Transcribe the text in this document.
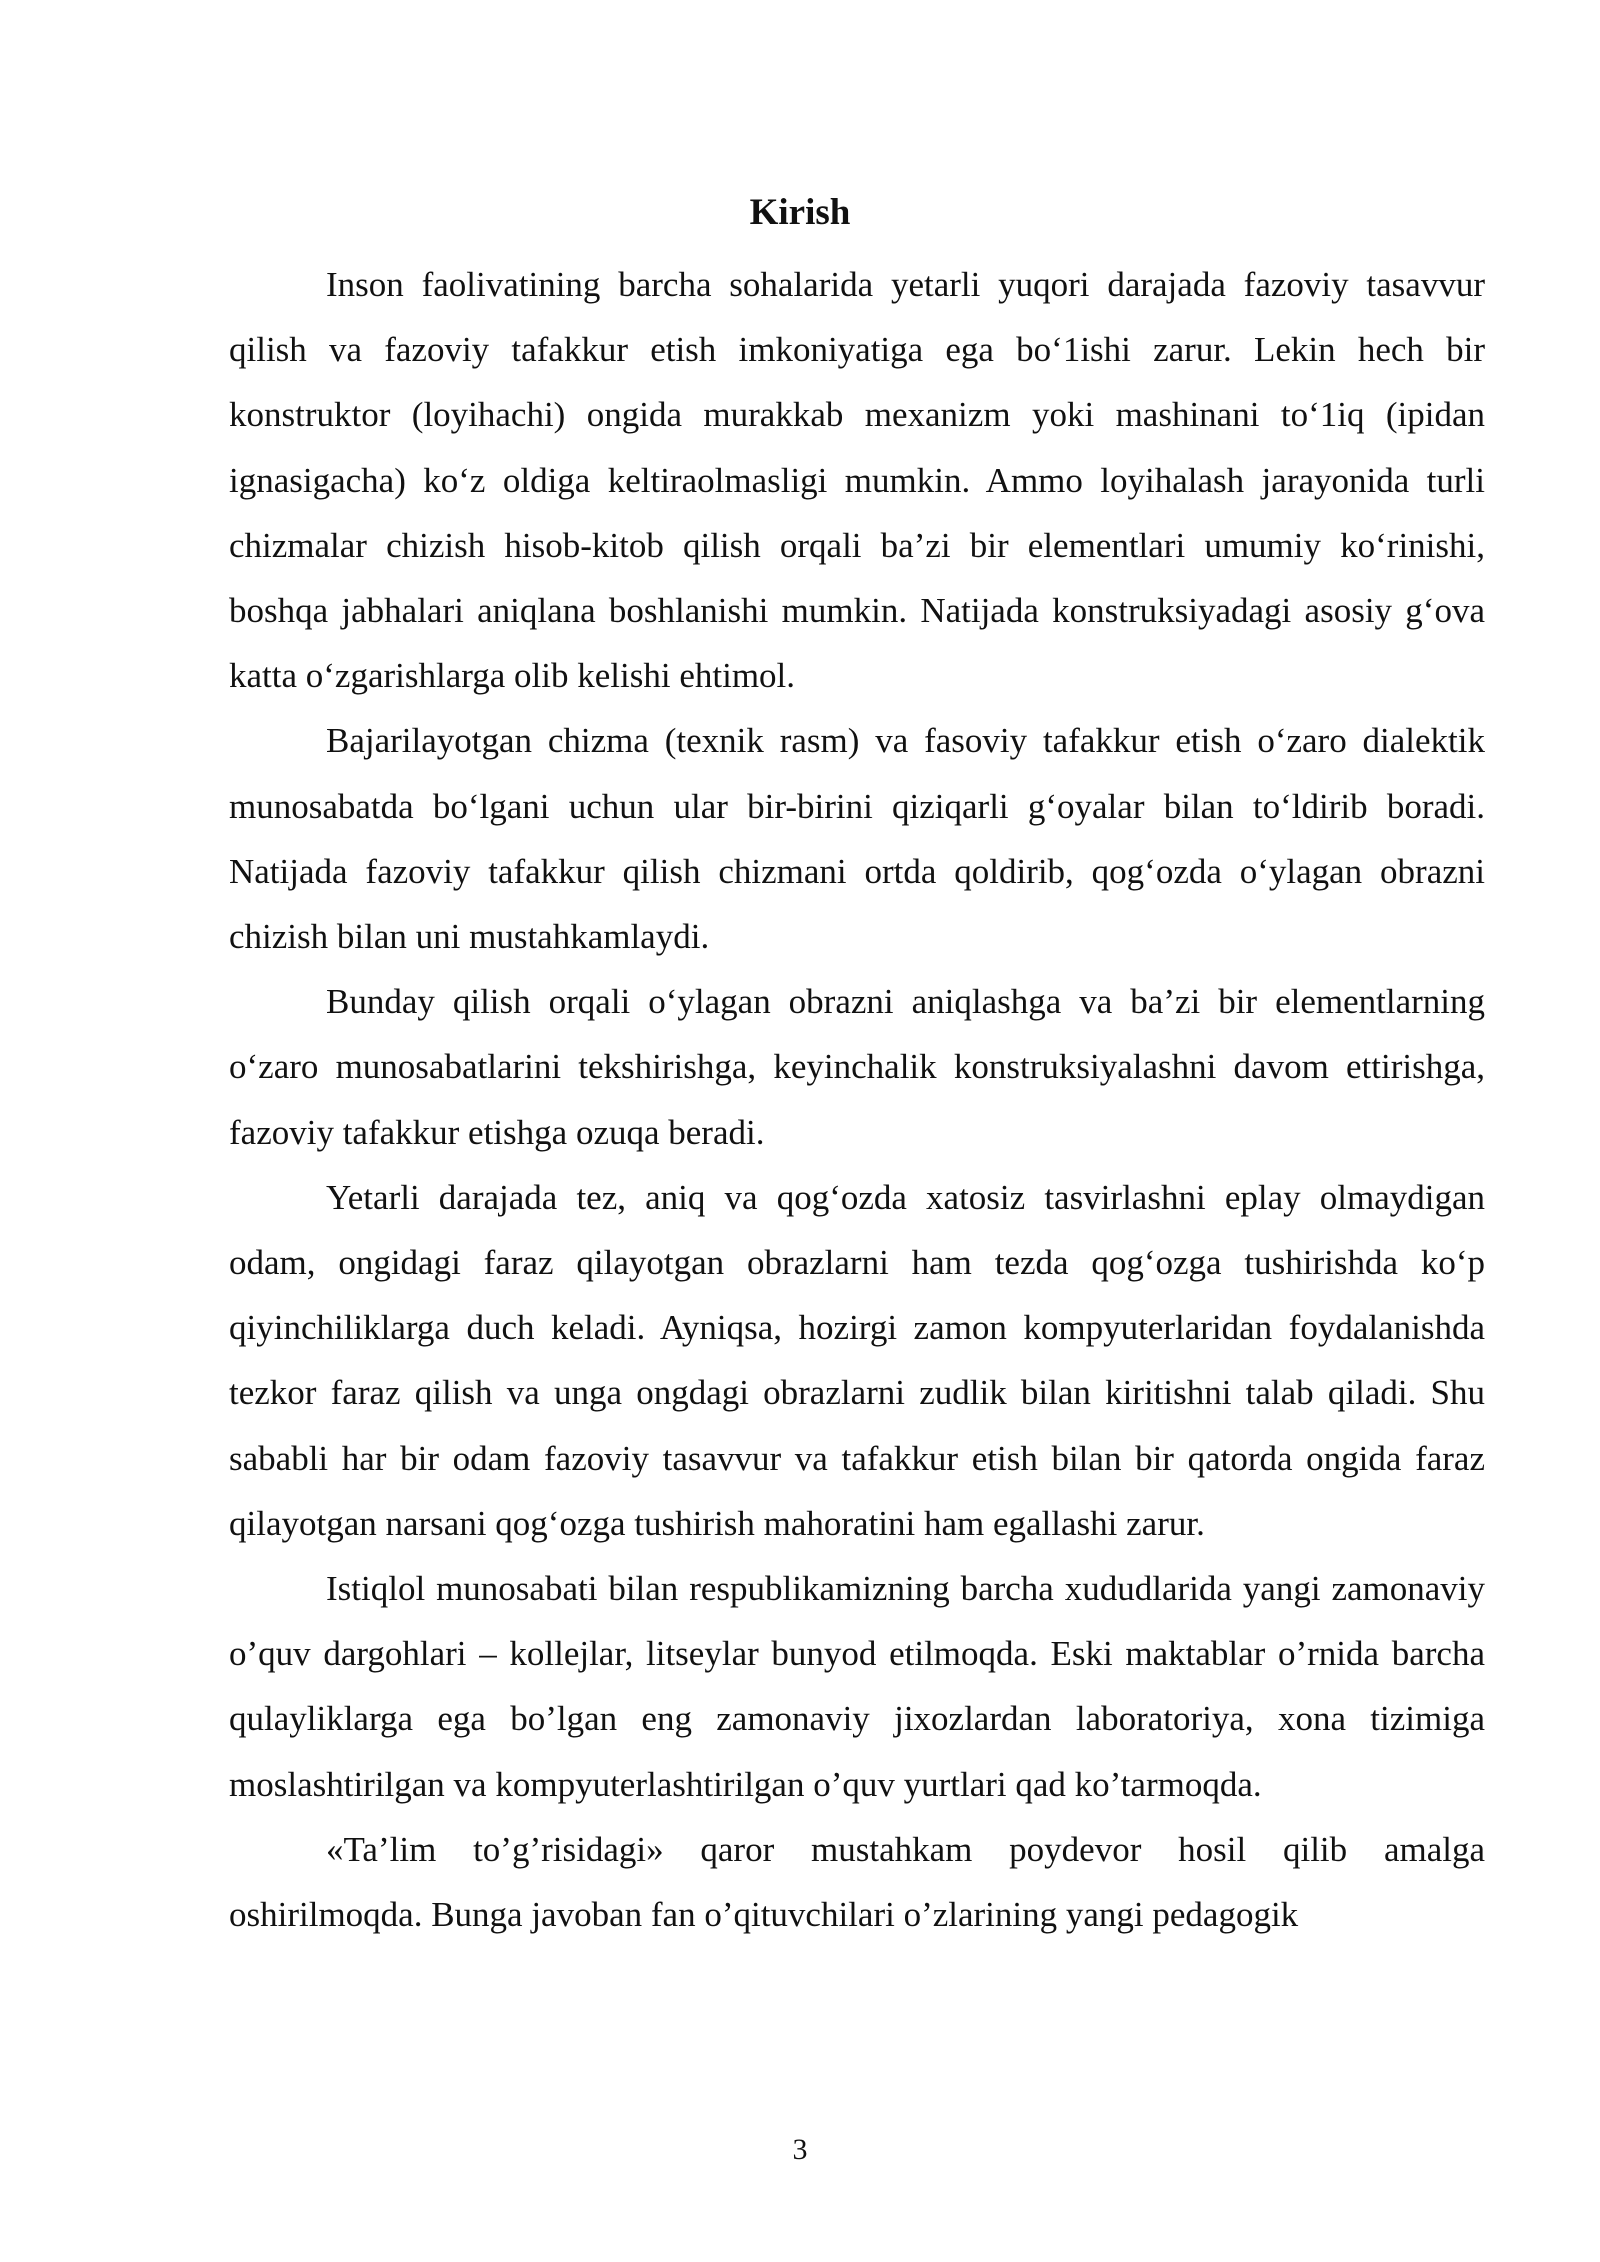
Kirish

Inson faolivatining barcha sohalarida yetarli yuqori darajada fazoviy tasavvur qilish va fazoviy tafakkur etish imkoniyatiga ega bo‘1ishi zarur. Lekin hech bir konstruktor (loyihachi) ongida murakkab mexanizm yoki mashinani to‘1iq (ipidan ignasigacha) ko‘z oldiga keltiraolmasligi mumkin. Ammo loyihalash jarayonida turli chizmalar chizish hisob-kitob qilish orqali ba’zi bir elementlari umumiy ko‘rinishi, boshqa jabhalari aniqlana boshlanishi mumkin. Natijada konstruksiyadagi asosiy g‘ova katta o‘zgarishlarga olib kelishi ehtimol.

Bajarilayotgan chizma (texnik rasm) va fasoviy tafakkur etish o‘zaro dialektik munosabatda bo‘lgani uchun ular bir-birini qiziqarli g‘oyalar bilan to‘ldirib boradi. Natijada fazoviy tafakkur qilish chizmani ortda qoldirib, qog‘ozda o‘ylagan obrazni chizish bilan uni mustahkamlaydi.

Bunday qilish orqali o‘ylagan obrazni aniqlashga va ba’zi bir elementlarning o‘zaro munosabatlarini tekshirishga, keyinchalik konstruksiyalashni davom ettirishga, fazoviy tafakkur etishga ozuqa beradi.

Yetarli darajada tez, aniq va qog‘ozda xatosiz tasvirlashni eplay olmaydigan odam, ongidagi faraz qilayotgan obrazlarni ham tezda qog‘ozga tushirishda ko‘p qiyinchiliklarga duch keladi. Ayniqsa, hozirgi zamon kompyuterlaridan foydalanishda tezkor faraz qilish va unga ongdagi obrazlarni zudlik bilan kiritishni talab qiladi. Shu sababli har bir odam fazoviy tasavvur va tafakkur etish bilan bir qatorda ongida faraz qilayotgan narsani qog‘ozga tushirish mahoratini ham egallashi zarur.

Istiqlol munosabati bilan respublikamizning barcha xududlarida yangi zamonaviy o’quv dargohlari – kollejlar, litseylar bunyod etilmoqda. Eski maktablar o’rnida barcha qulayliklarga ega bo’lgan eng zamonaviy jixozlardan laboratoriya, xona tizimiga moslashtirilgan va kompyuterlashtirilgan o’quv yurtlari qad ko’tarmoqda.

«Ta’lim to’g’risidagi» qaror mustahkam poydevor hosil qilib amalga oshirilmoqda. Bunga javoban fan o’qituvchilari o’zlarining yangi pedagogik

3
